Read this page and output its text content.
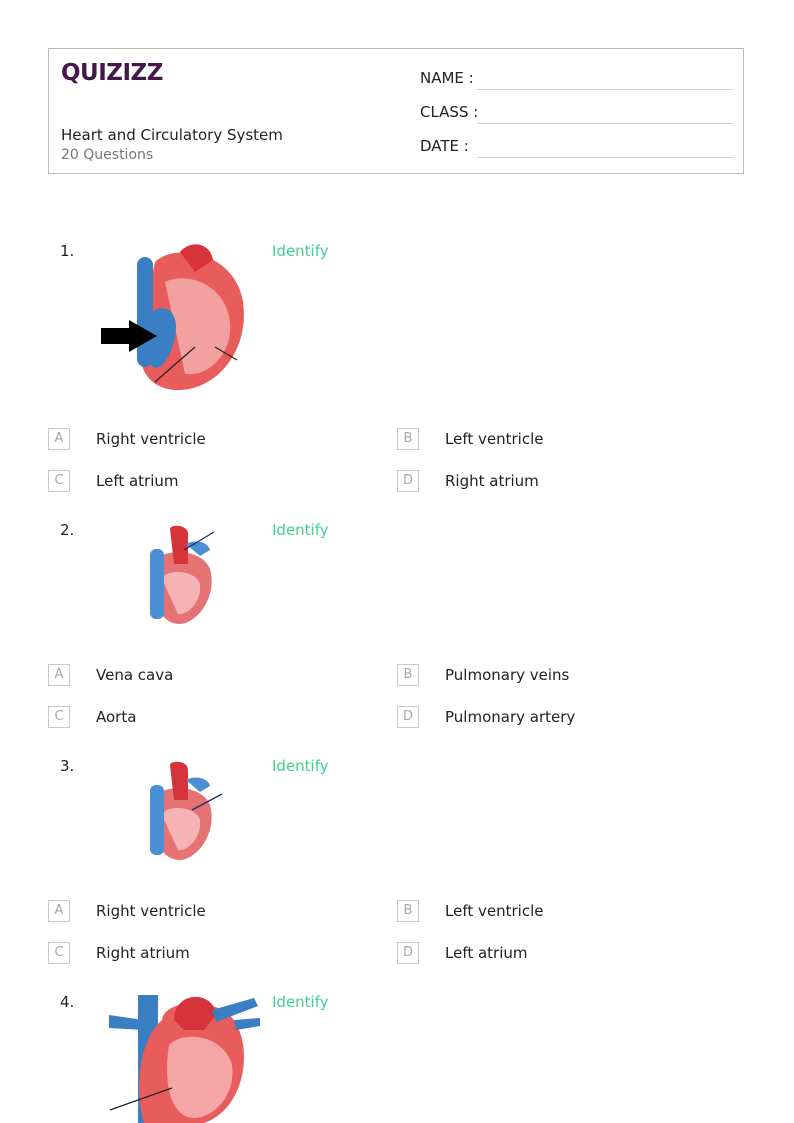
QUIZIZZ
Heart and Circulatory System
20 Questions
NAME :
CLASS :
DATE :
1.	Identify
A	Right ventricle	B	Left ventricle
C	Left atrium	D	Right atrium
2.	Identify
A	Vena cava	B	Pulmonary veins
C	Aorta	D	Pulmonary artery
3.	Identify
A	Right ventricle	B	Left ventricle
C	Right atrium	D	Left atrium
4.	Identify
